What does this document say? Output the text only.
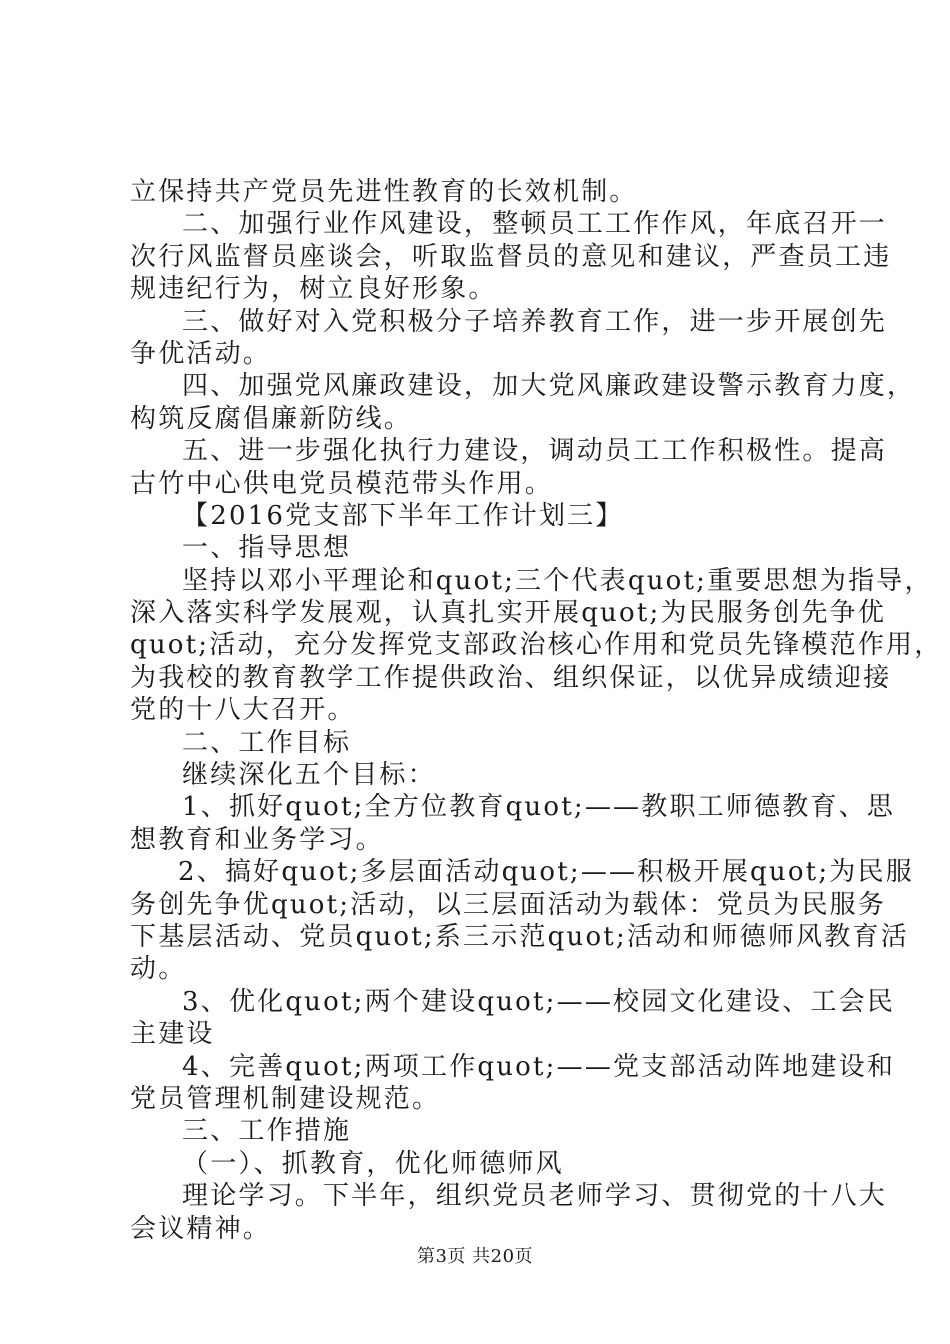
立保持共产党员先进性教育的长效机制。
二、加强行业作风建设，整顿员工工作作风，年底召开一
次行风监督员座谈会，听取监督员的意见和建议，严查员工违
规违纪行为，树立良好形象。
三、做好对入党积极分子培养教育工作，进一步开展创先
争优活动。
四、加强党风廉政建设，加大党风廉政建设警示教育力度，
构筑反腐倡廉新防线。
五、进一步强化执行力建设，调动员工工作积极性。提高
古竹中心供电党员模范带头作用。
【2016党支部下半年工作计划三】
一、指导思想
坚持以邓小平理论和quot;三个代表quot;重要思想为指导，
深入落实科学发展观，认真扎实开展quot;为民服务创先争优
quot;活动，充分发挥党支部政治核心作用和党员先锋模范作用，
为我校的教育教学工作提供政治、组织保证，以优异成绩迎接
党的十八大召开。
二、工作目标
继续深化五个目标：
1、抓好quot;全方位教育quot;——教职工师德教育、思
想教育和业务学习。
2、搞好quot;多层面活动quot;——积极开展quot;为民服
务创先争优quot;活动，以三层面活动为载体：党员为民服务
下基层活动、党员quot;系三示范quot;活动和师德师风教育活
动。
3、优化quot;两个建设quot;——校园文化建设、工会民
主建设
4、完善quot;两项工作quot;——党支部活动阵地建设和
党员管理机制建设规范。
三、工作措施
（一）、抓教育，优化师德师风
理论学习。下半年，组织党员老师学习、贯彻党的十八大
会议精神。
第3页 共20页
